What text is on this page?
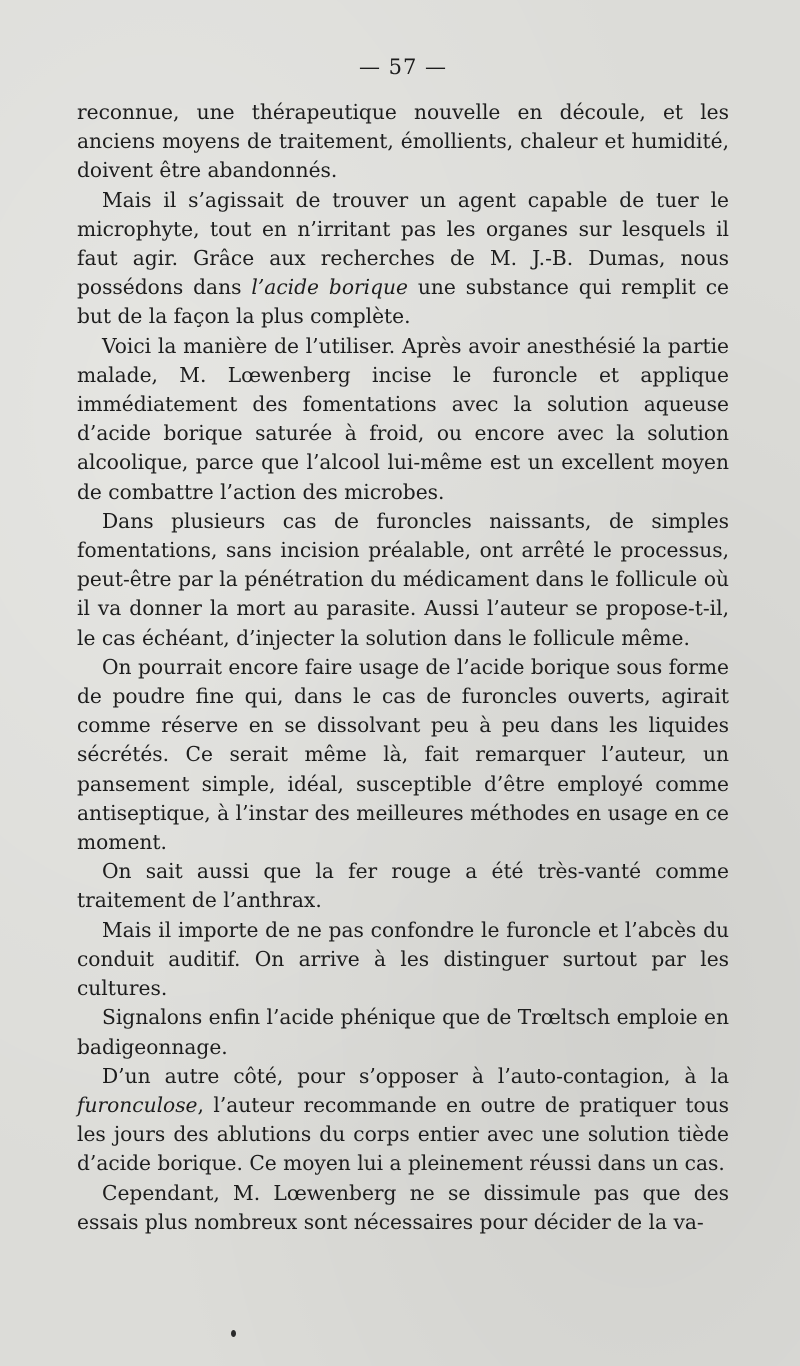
— 57 —

reconnue, une thérapeutique nouvelle en découle, et les anciens moyens de traitement, émollients, chaleur et humidité, doivent être abandonnés.

Mais il s’agissait de trouver un agent capable de tuer le microphyte, tout en n’irritant pas les organes sur lesquels il faut agir. Grâce aux recherches de M. J.-B. Dumas, nous possédons dans l’acide borique une substance qui remplit ce but de la façon la plus complète.

Voici la manière de l’utiliser. Après avoir anesthésié la partie malade, M. Lœwenberg incise le furoncle et applique immédiatement des fomentations avec la solution aqueuse d’acide borique saturée à froid, ou encore avec la solution alcoolique, parce que l’alcool lui-même est un excellent moyen de combattre l’action des microbes.

Dans plusieurs cas de furoncles naissants, de simples fomentations, sans incision préalable, ont arrêté le processus, peut-être par la pénétration du médicament dans le follicule où il va donner la mort au parasite. Aussi l’auteur se propose-t-il, le cas échéant, d’injecter la solution dans le follicule même.

On pourrait encore faire usage de l’acide borique sous forme de poudre fine qui, dans le cas de furoncles ouverts, agirait comme réserve en se dissolvant peu à peu dans les liquides sécrétés. Ce serait même là, fait remarquer l’auteur, un pansement simple, idéal, susceptible d’être employé comme antiseptique, à l’instar des meilleures méthodes en usage en ce moment.

On sait aussi que la fer rouge a été très-vanté comme traitement de l’anthrax.

Mais il importe de ne pas confondre le furoncle et l’abcès du conduit auditif. On arrive à les distinguer surtout par les cultures.

Signalons enfin l’acide phénique que de Trœltsch emploie en badigeonnage.

D’un autre côté, pour s’opposer à l’auto-contagion, à la furonculose, l’auteur recommande en outre de pratiquer tous les jours des ablutions du corps entier avec une solution tiède d’acide borique. Ce moyen lui a pleinement réussi dans un cas.

Cependant, M. Lœwenberg ne se dissimule pas que des essais plus nombreux sont nécessaires pour décider de la va-
